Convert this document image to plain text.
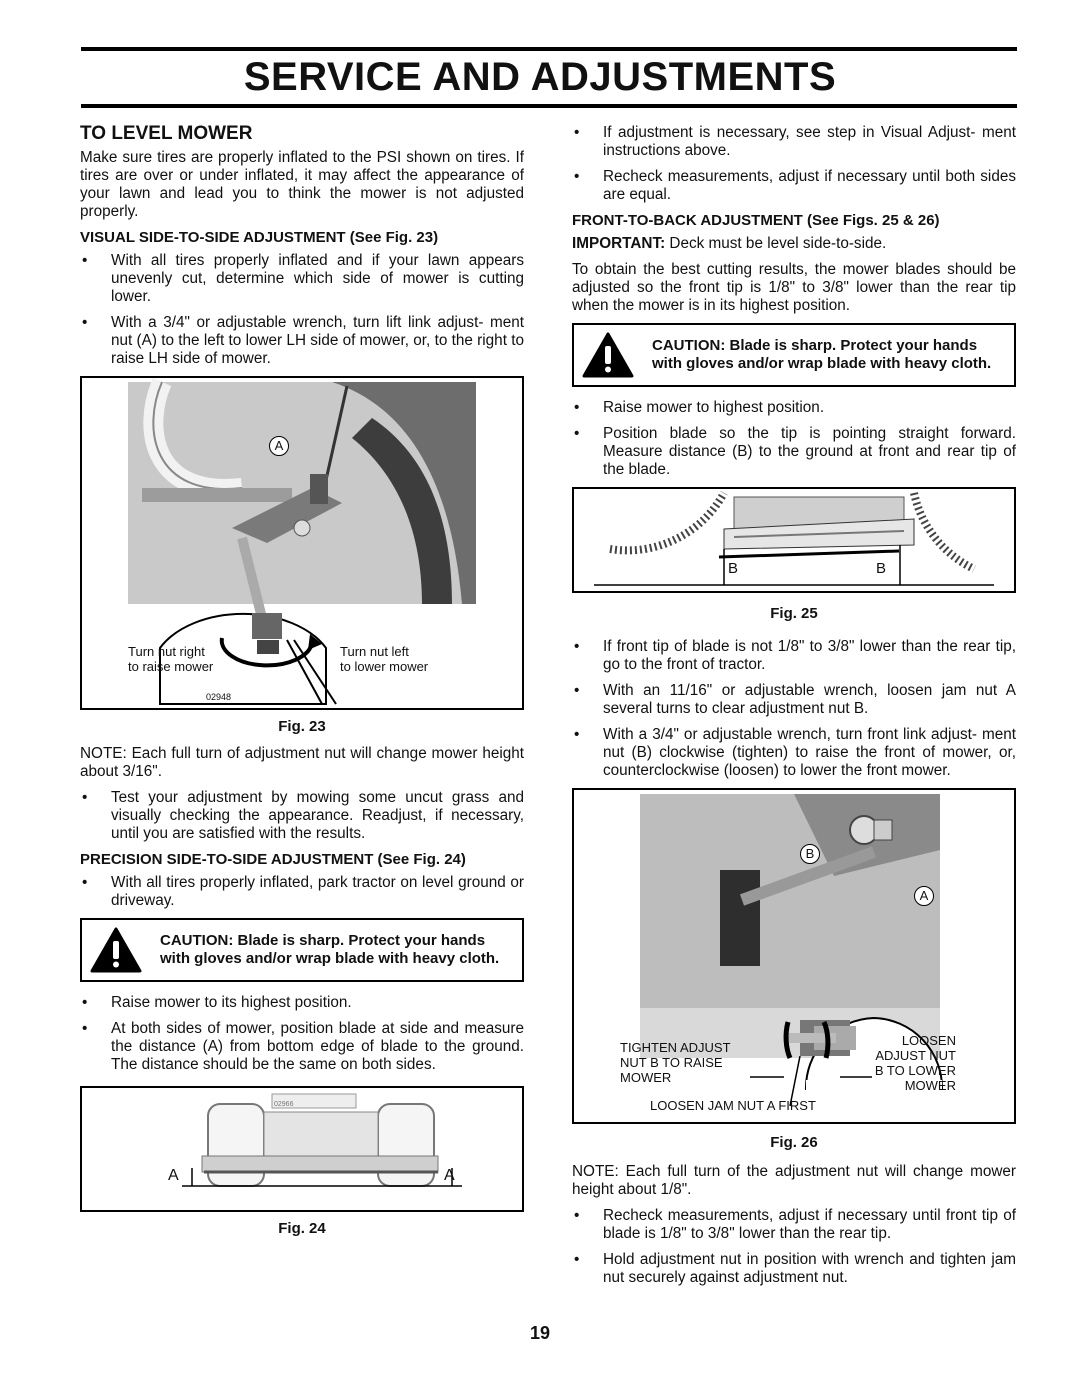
SERVICE AND ADJUSTMENTS
TO LEVEL MOWER

Make sure tires are properly inflated to the PSI shown on tires. If tires are over or under inflated, it may affect the appearance of your lawn and lead you to think the mower is not adjusted properly.

VISUAL SIDE-TO-SIDE ADJUSTMENT (See Fig. 23)
• With all tires properly inflated and if your lawn appears unevenly cut, determine which side of mower is cutting lower.
• With a 3/4" or adjustable wrench, turn lift link adjust- ment nut (A) to the left to lower LH side of mower, or, to the right to raise LH side of mower.
A
Turn nut right
to raise mower
Turn nut left
to lower mower
02948
Fig. 23

NOTE: Each full turn of adjustment nut will change mower height about 3/16".

• Test your adjustment by mowing some uncut grass and visually checking the appearance. Readjust, if necessary, until you are satisfied with the results.
PRECISION SIDE-TO-SIDE ADJUSTMENT (See Fig. 24)
• With all tires properly inflated, park tractor on level ground or driveway.
CAUTION: Blade is sharp. Protect your hands with gloves and/or wrap blade with heavy cloth.
• Raise mower to its highest position.
• At both sides of mower, position blade at side and measure the distance (A) from bottom edge of blade to the ground. The distance should be the same on both sides.
02966
A	A
Fig. 24
• If adjustment is necessary, see step in Visual Adjust- ment instructions above.
• Recheck measurements, adjust if necessary until both sides are equal.
FRONT-TO-BACK ADJUSTMENT (See Figs. 25 & 26)

IMPORTANT: Deck must be level side-to-side.

To obtain the best cutting results, the mower blades should be adjusted so the front tip is 1/8" to 3/8" lower than the rear tip when the mower is in its highest position.

CAUTION: Blade is sharp. Protect your hands with gloves and/or wrap blade with heavy cloth.
• Raise mower to highest position.
• Position blade so the tip is pointing straight forward. Measure distance (B) to the ground at front and rear tip of the blade.
B	B
Fig. 25
• If front tip of blade is not 1/8" to 3/8" lower than the rear tip, go to the front of tractor.
• With an 11/16" or adjustable wrench, loosen jam nut A several turns to clear adjustment nut B.
• With a 3/4" or adjustable wrench, turn front link adjust- ment nut (B) clockwise (tighten) to raise the front of mower, or, counterclockwise (loosen) to lower the front mower.
B
A
TIGHTEN ADJUST
NUT B TO RAISE
MOWER
LOOSEN
ADJUST NUT
B TO LOWER
MOWER
LOOSEN JAM NUT A FIRST
Fig. 26

NOTE: Each full turn of the adjustment nut will change mower height about 1/8".

• Recheck measurements, adjust if necessary until front tip of blade is 1/8" to 3/8" lower than the rear tip.
• Hold adjustment nut in position with wrench and tighten jam nut securely against adjustment nut.
19
